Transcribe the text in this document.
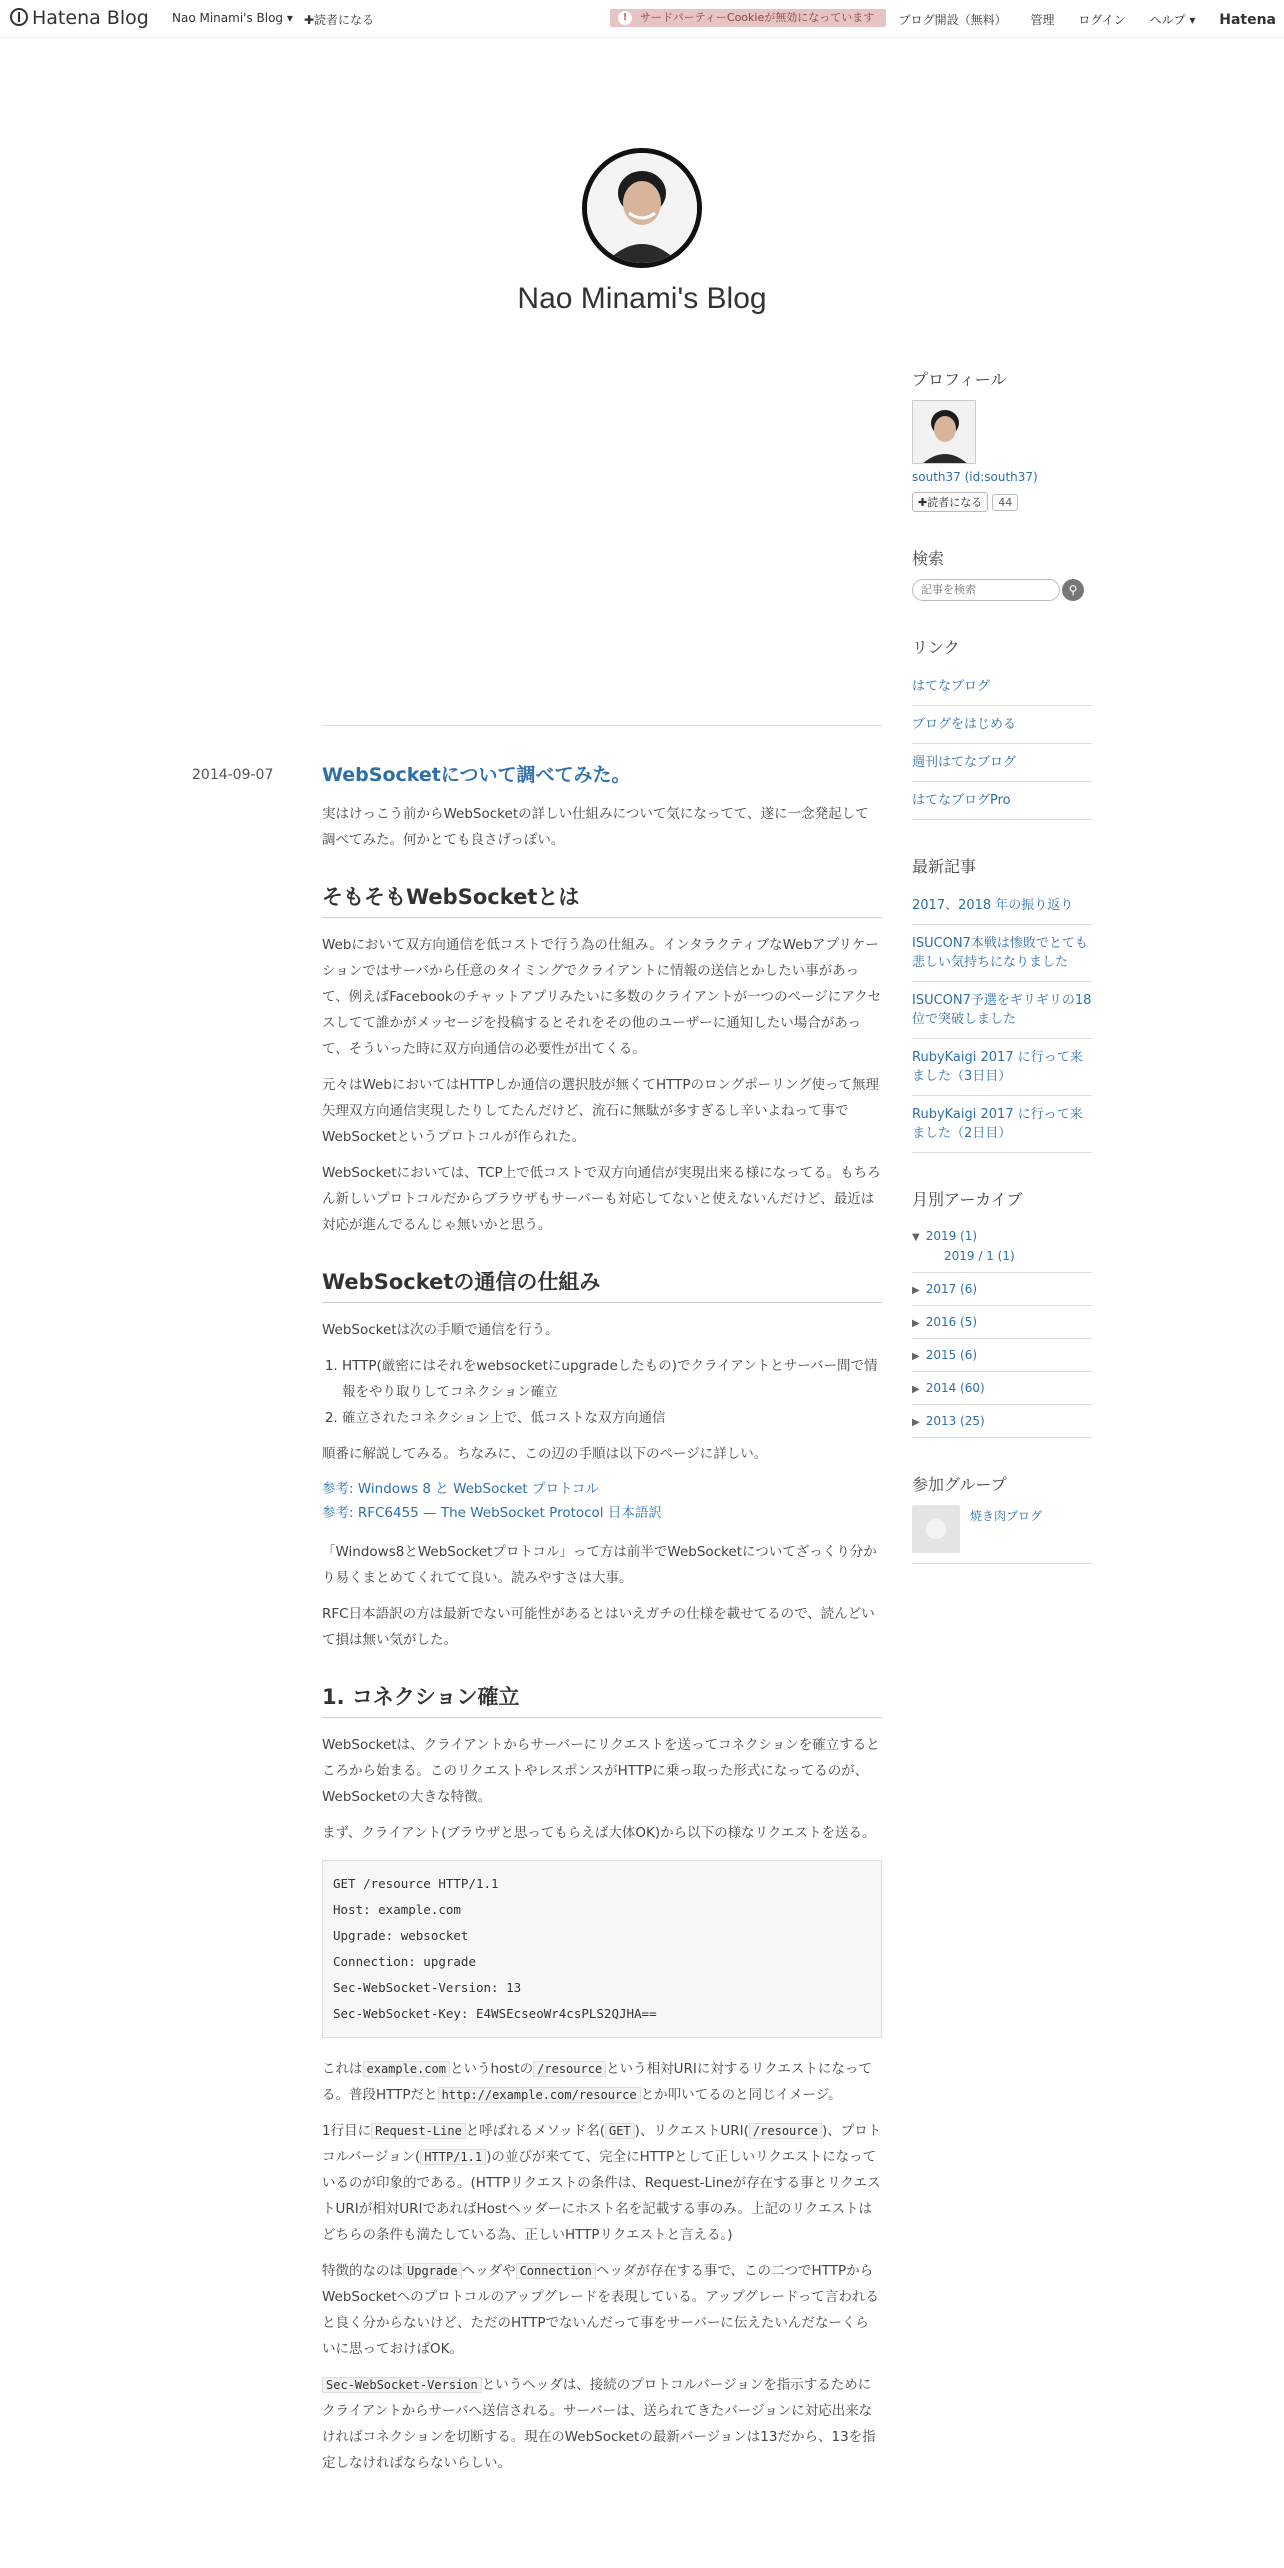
Hatena Blog Nao Minami's Blog ▾ ✚読者になる	!	サードパーティーCookieが無効になっています	ブログ開設（無料） 管理 ログイン ヘルプ ▾ Hatena
Nao Minami's Blog
2014-09-07	WebSocketについて調べてみた。

実はけっこう前からWebSocketの詳しい仕組みについて気になってて、遂に一念発起して調べてみた。何かとても良さげっぽい。

そもそもWebSocketとは

Webにおいて双方向通信を低コストで行う為の仕組み。インタラクティブなWebアプリケーションではサーバから任意のタイミングでクライアントに情報の送信とかしたい事があって、例えばFacebookのチャットアプリみたいに多数のクライアントが一つのページにアクセスしてて誰かがメッセージを投稿するとそれをその他のユーザーに通知したい場合があって、そういった時に双方向通信の必要性が出てくる。

元々はWebにおいてはHTTPしか通信の選択肢が無くてHTTPのロングポーリング使って無理矢理双方向通信実現したりしてたんだけど、流石に無駄が多すぎるし辛いよねって事でWebSocketというプロトコルが作られた。

WebSocketにおいては、TCP上で低コストで双方向通信が実現出来る様になってる。もちろん新しいプロトコルだからブラウザもサーバーも対応してないと使えないんだけど、最近は対応が進んでるんじゃ無いかと思う。

WebSocketの通信の仕組み

WebSocketは次の手順で通信を行う。

1. HTTP(厳密にはそれをwebsocketにupgradeしたもの)でクライアントとサーバー間で情報をやり取りしてコネクション確立
2. 確立されたコネクション上で、低コストな双方向通信

順番に解説してみる。ちなみに、この辺の手順は以下のページに詳しい。

参考: Windows 8 と WebSocket プロトコル
参考: RFC6455 — The WebSocket Protocol 日本語訳

「Windows8とWebSocketプロトコル」って方は前半でWebSocketについてざっくり分かり易くまとめてくれてて良い。読みやすさは大事。

RFC日本語訳の方は最新でない可能性があるとはいえガチの仕様を載せてるので、読んどいて損は無い気がした。

1. コネクション確立

WebSocketは、クライアントからサーバーにリクエストを送ってコネクションを確立するところから始まる。このリクエストやレスポンスがHTTPに乗っ取った形式になってるのが、WebSocketの大きな特徴。

まず、クライアント(ブラウザと思ってもらえば大体OK)から以下の様なリクエストを送る。

GET /resource HTTP/1.1
Host: example.com
Upgrade: websocket
Connection: upgrade
Sec-WebSocket-Version: 13
Sec-WebSocket-Key: E4WSEcseoWr4csPLS2QJHA==

これは example.com というhostの /resource という相対URIに対するリクエストになってる。普段HTTPだと http://example.com/resource とか叩いてるのと同じイメージ。

1行目に Request-Line と呼ばれるメソッド名( GET )、リクエストURI( /resource )、プロトコルバージョン( HTTP/1.1 )の並びが来てて、完全にHTTPとして正しいリクエストになっているのが印象的である。(HTTPリクエストの条件は、Request-Lineが存在する事とリクエストURIが相対URIであればHostヘッダーにホスト名を記載する事のみ。上記のリクエストはどちらの条件も満たしている為、正しいHTTPリクエストと言える。)

特徴的なのは Upgrade ヘッダや Connection ヘッダが存在する事で、この二つでHTTPからWebSocketへのプロトコルのアップグレードを表現している。アップグレードって言われると良く分からないけど、ただのHTTPでないんだって事をサーバーに伝えたいんだなーくらいに思っておけばOK。

Sec-WebSocket-Version というヘッダは、接続のプロトコルバージョンを指示するためにクライアントからサーバへ送信される。サーバーは、送られてきたバージョンに対応出来なければコネクションを切断する。現在のWebSocketの最新バージョンは13だから、13を指定しなければならないらしい。

プロフィール
south37 (id:south37)
✚読者になる 44
検索
記事を検索
⚲
リンク
はてなブログ
ブログをはじめる
週刊はてなブログ
はてなブログPro
最新記事
2017、2018 年の振り返り
ISUCON7本戦は惨敗でとても悲しい気持ちになりました
ISUCON7予選をギリギリの18位で突破しました
RubyKaigi 2017 に行って来ました（3日目）
RubyKaigi 2017 に行って来ました（2日目）
月別アーカイブ
▼ 2019 (1)
2019 / 1 (1)
▶ 2017 (6)
▶ 2016 (5)
▶ 2015 (6)
▶ 2014 (60)
▶ 2013 (25)
参加グループ
焼き肉ブログ
